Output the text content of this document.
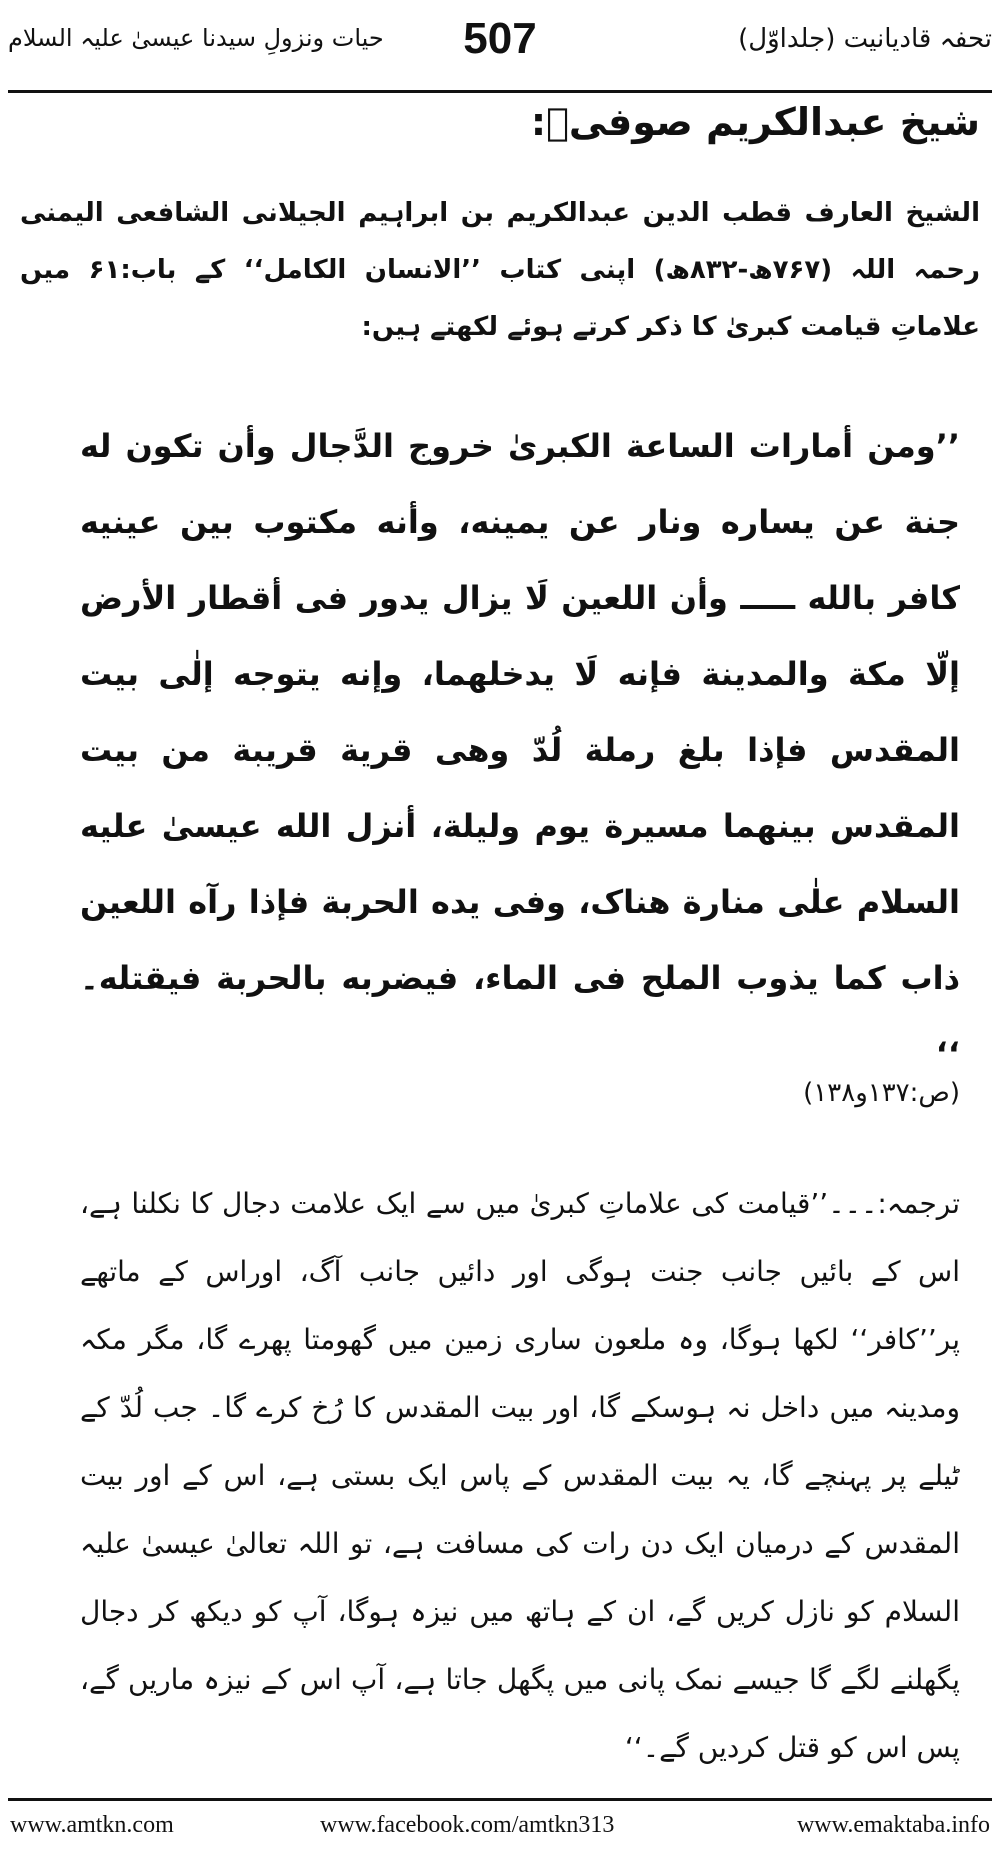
تحفہ قادیانیت (جلداوّل)
507
حیات ونزولِ سیدنا عیسیٰ علیہ السلام
شیخ عبدالکریم صوفیؒ:
الشیخ العارف قطب الدین عبدالکریم بن ابراہیم الجیلانی الشافعی الیمنی رحمہ اللہ (۷۶۷ھ-۸۳۲ھ) اپنی کتاب ’’الانسان الکامل‘‘ کے باب:۶۱ میں علاماتِ قیامت کبریٰ کا ذکر کرتے ہوئے لکھتے ہیں:
’’ومن أمارات الساعة الكبرىٰ خروج الدَّجال وأن تكون له جنة عن يساره ونار عن يمينه، وأنه مكتوب بين عينيه كافر بالله ـــــ وأن اللعين لَا يزال يدور فى أقطار الأرض إلّا مكة والمدينة فإنه لَا يدخلهما، وإنه يتوجه إلٰى بيت المقدس فإذا بلغ رملة لُدّ وهى قرية قريبة من بيت المقدس بينهما مسيرة يوم وليلة، أنزل الله عيسىٰ عليه السلام علٰى منارة هناک، وفى يده الحربة فإذا رآه اللعين ذاب كما يذوب الملح فى الماء، فيضربه بالحربة فيقتله۔ ‘‘
(ص:۱۳۷و۱۳۸)
ترجمہ:۔۔۔’’قیامت کی علاماتِ کبریٰ میں سے ایک علامت دجال کا نکلنا ہے، اس کے بائیں جانب جنت ہوگی اور دائیں جانب آگ، اوراس کے ماتھے پر’’کافر‘‘ لکھا ہوگا، وہ ملعون ساری زمین میں گھومتا پھرے گا، مگر مکہ ومدینہ میں داخل نہ ہوسکے گا، اور بیت المقدس کا رُخ کرے گا۔ جب لُدّ کے ٹیلے پر پہنچے گا، یہ بیت المقدس کے پاس ایک بستی ہے، اس کے اور بیت المقدس کے درمیان ایک دن رات کی مسافت ہے، تو اللہ تعالیٰ عیسیٰ علیہ السلام کو نازل کریں گے، ان کے ہاتھ میں نیزہ ہوگا، آپ کو دیکھ کر دجال پگھلنے لگے گا جیسے نمک پانی میں پگھل جاتا ہے، آپ اس کے نیزہ ماریں گے، پس اس کو قتل کردیں گے۔‘‘
www.amtkn.com	www.facebook.com/amtkn313	www.emaktaba.info
